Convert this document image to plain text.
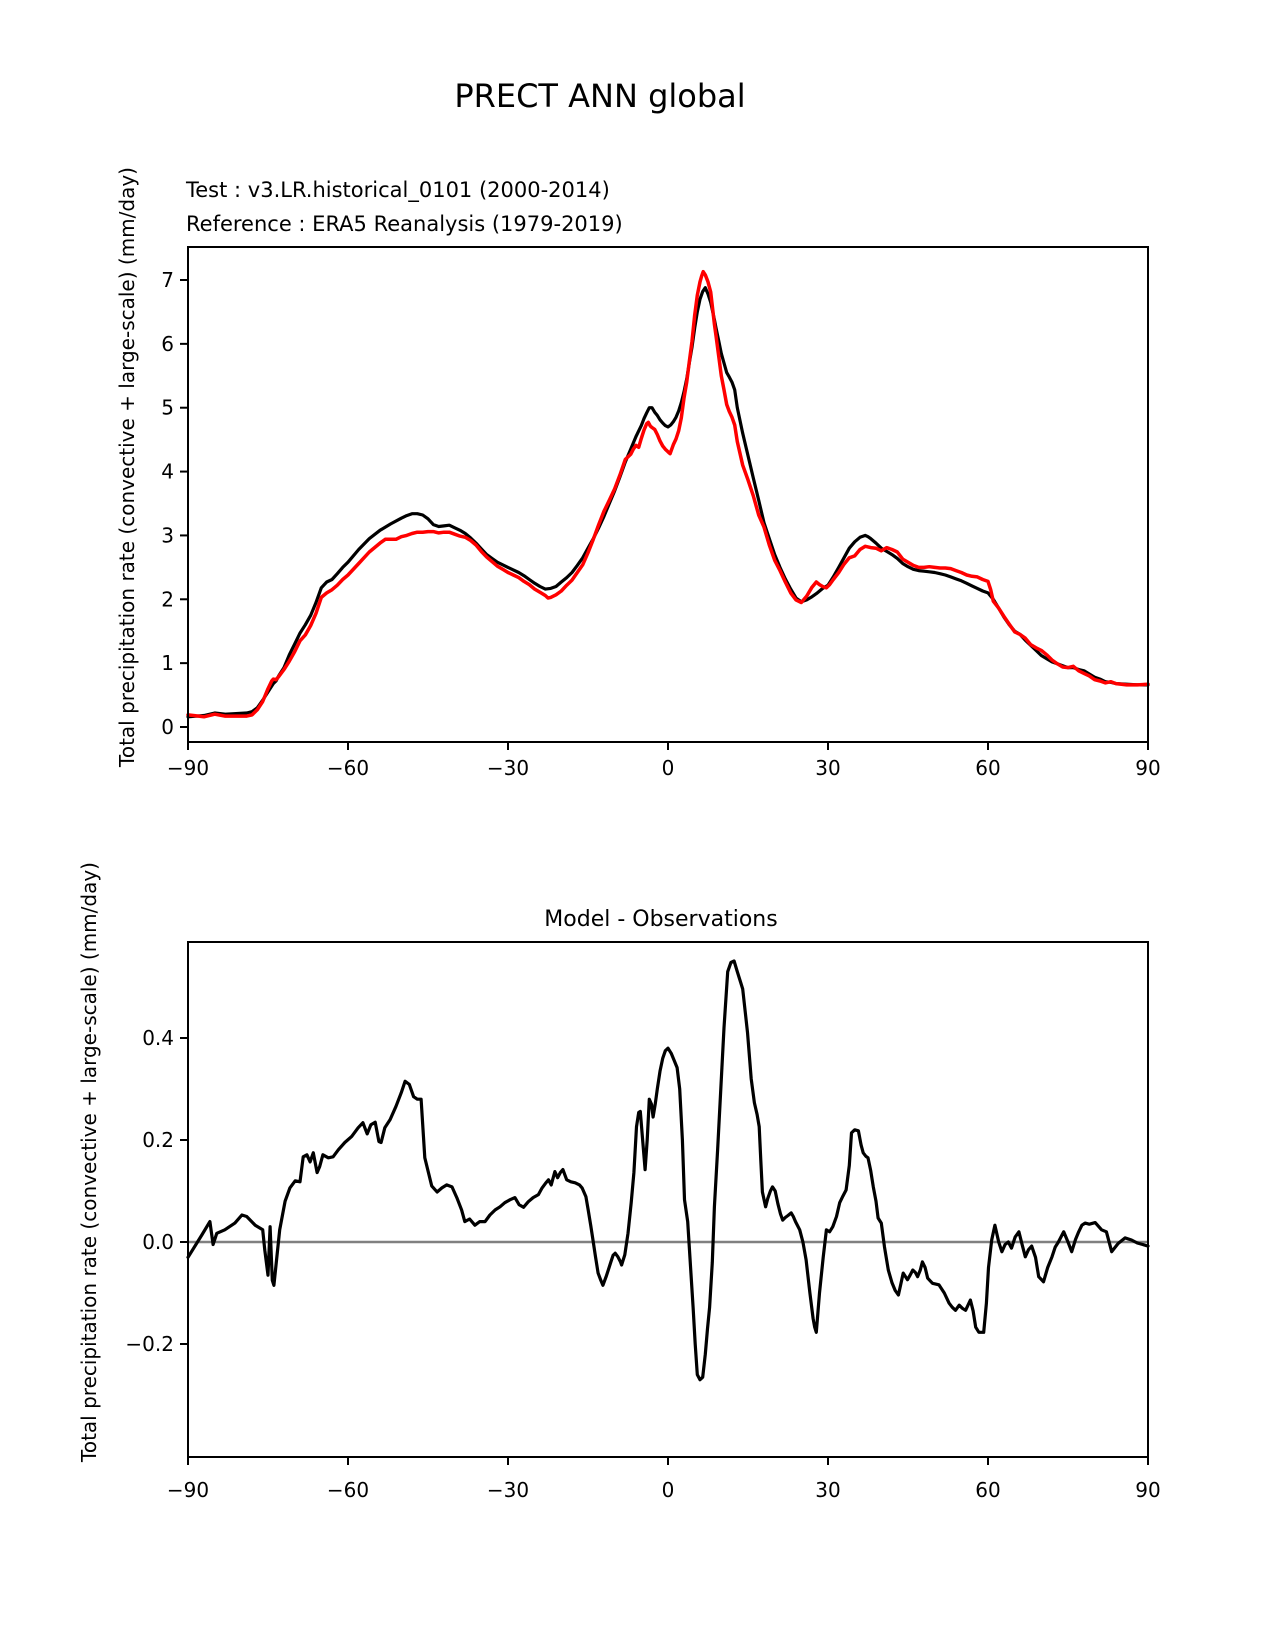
PRECT ANN global
Test : v3.LR.historical_0101 (2000-2014)
Reference : ERA5 Reanalysis (1979-2019)
Total precipitation rate (convective + large-scale) (mm/day)
Model - Observations
Total precipitation rate (convective + large-scale) (mm/day)
−90	−60	−30	0	30	60	90
0
1
2
3
4
5
6
7
−90	−60	−30	0	30	60	90
−0.2
0.0
0.2
0.4
